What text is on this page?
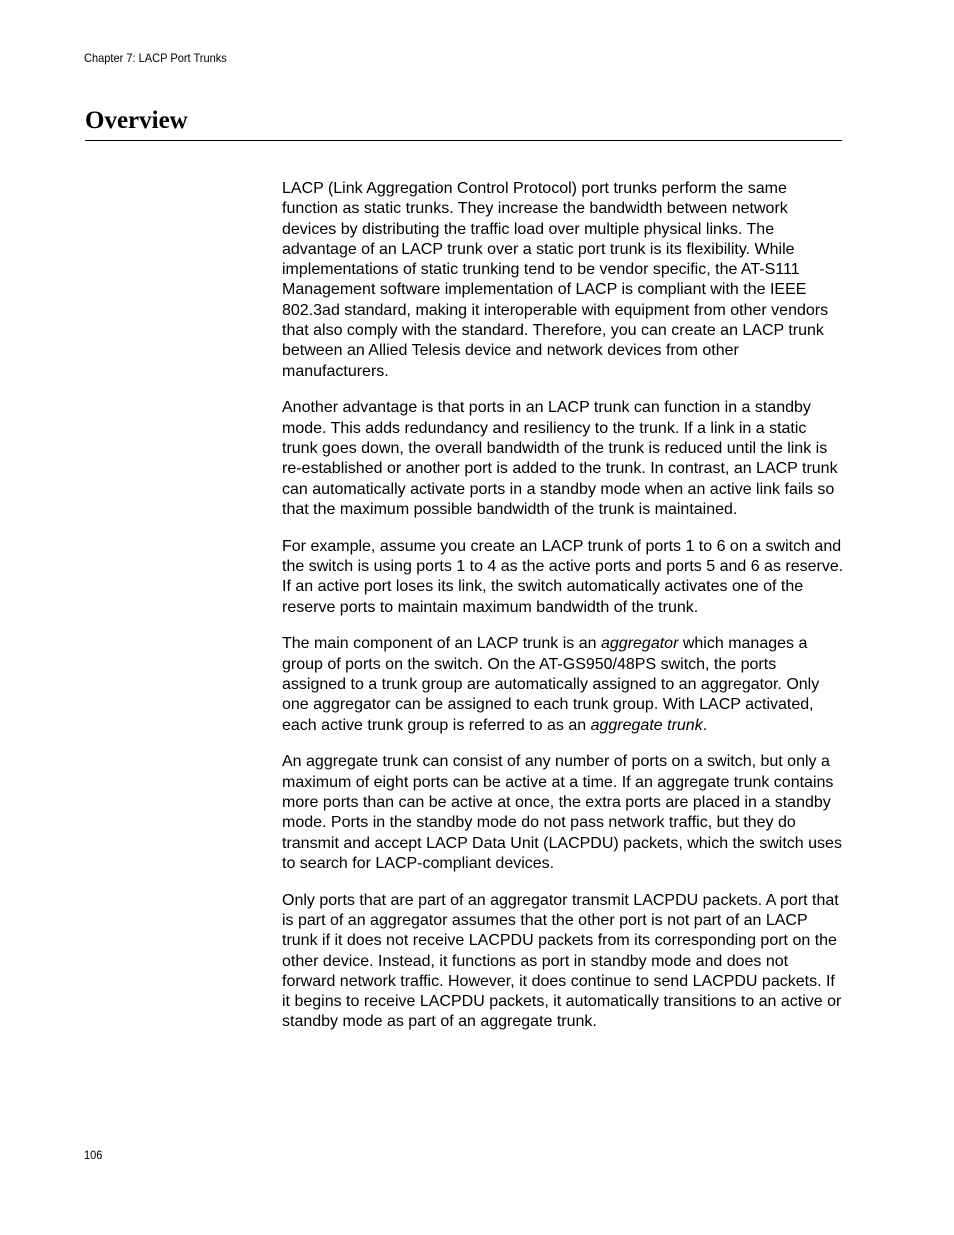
Chapter 7: LACP Port Trunks
Overview

LACP (Link Aggregation Control Protocol) port trunks perform the same function as static trunks. They increase the bandwidth between network devices by distributing the traffic load over multiple physical links. The advantage of an LACP trunk over a static port trunk is its flexibility. While implementations of static trunking tend to be vendor specific, the AT-S111 Management software implementation of LACP is compliant with the IEEE 802.3ad standard, making it interoperable with equipment from other vendors that also comply with the standard. Therefore, you can create an LACP trunk between an Allied Telesis device and network devices from other manufacturers.

Another advantage is that ports in an LACP trunk can function in a standby mode. This adds redundancy and resiliency to the trunk. If a link in a static trunk goes down, the overall bandwidth of the trunk is reduced until the link is re-established or another port is added to the trunk. In contrast, an LACP trunk can automatically activate ports in a standby mode when an active link fails so that the maximum possible bandwidth of the trunk is maintained.

For example, assume you create an LACP trunk of ports 1 to 6 on a switch and the switch is using ports 1 to 4 as the active ports and ports 5 and 6 as reserve. If an active port loses its link, the switch automatically activates one of the reserve ports to maintain maximum bandwidth of the trunk.

The main component of an LACP trunk is an aggregator which manages a group of ports on the switch. On the AT-GS950/48PS switch, the ports assigned to a trunk group are automatically assigned to an aggregator. Only one aggregator can be assigned to each trunk group. With LACP activated, each active trunk group is referred to as an aggregate trunk.

An aggregate trunk can consist of any number of ports on a switch, but only a maximum of eight ports can be active at a time. If an aggregate trunk contains more ports than can be active at once, the extra ports are placed in a standby mode. Ports in the standby mode do not pass network traffic, but they do transmit and accept LACP Data Unit (LACPDU) packets, which the switch uses to search for LACP-compliant devices.

Only ports that are part of an aggregator transmit LACPDU packets. A port that is part of an aggregator assumes that the other port is not part of an LACP trunk if it does not receive LACPDU packets from its corresponding port on the other device. Instead, it functions as port in standby mode and does not forward network traffic. However, it does continue to send LACPDU packets. If it begins to receive LACPDU packets, it automatically transitions to an active or standby mode as part of an aggregate trunk.

106
